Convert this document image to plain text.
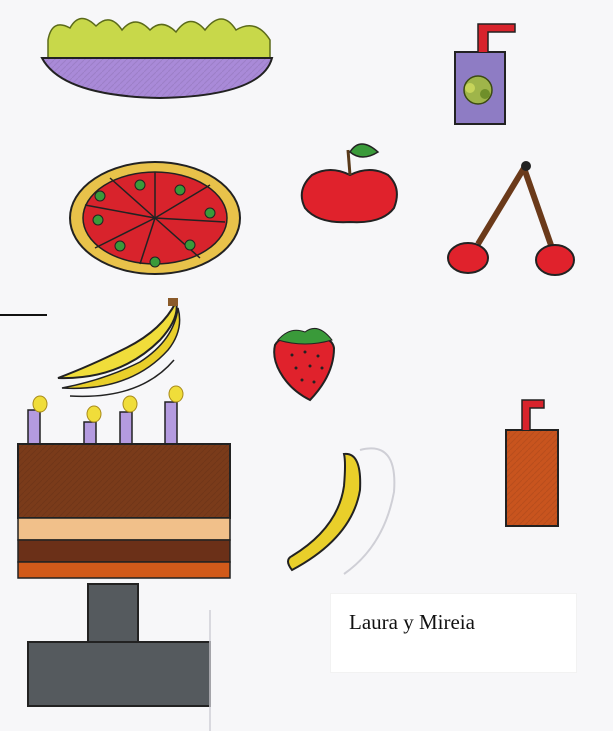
Laura y Mireia
